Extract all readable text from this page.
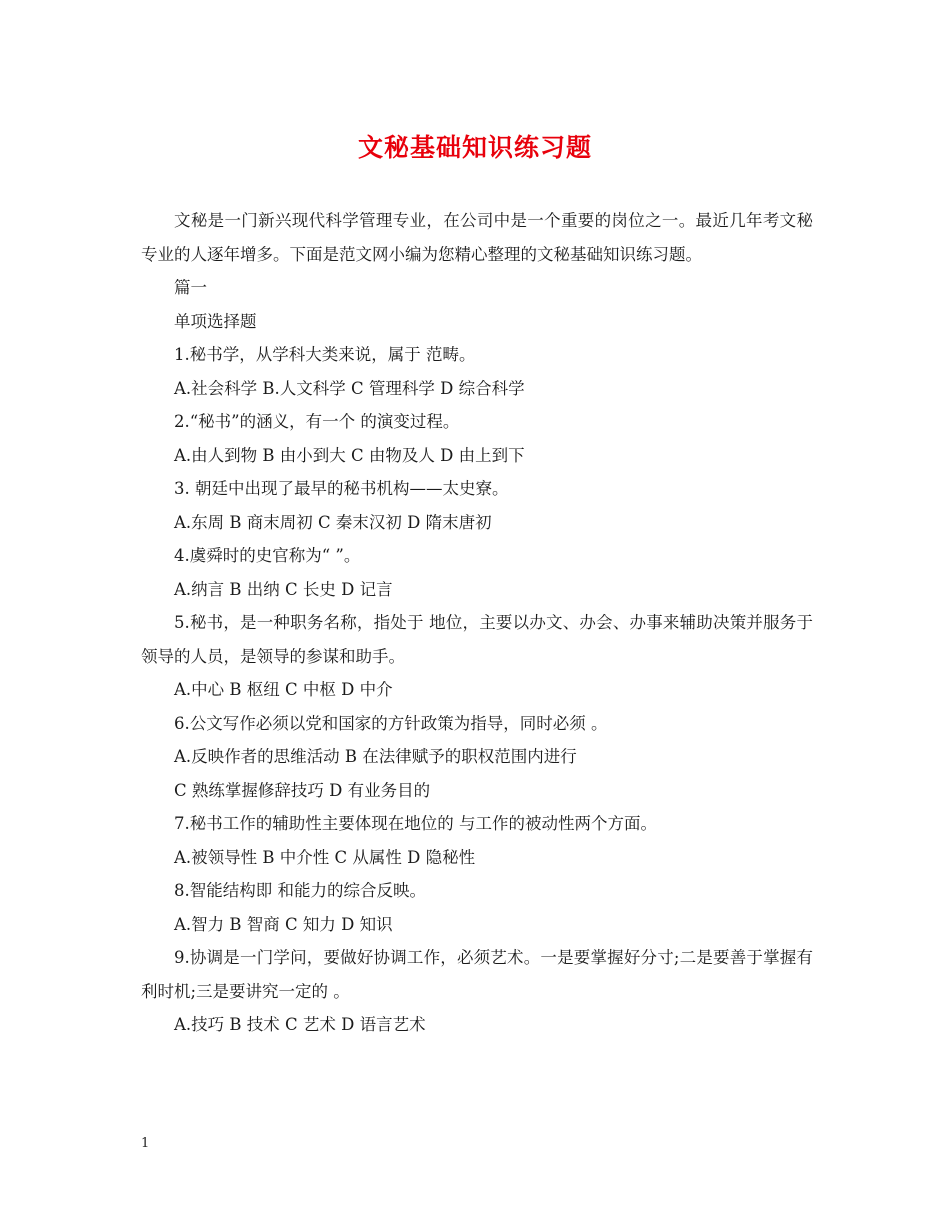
文秘基础知识练习题

文秘是一门新兴现代科学管理专业，在公司中是一个重要的岗位之一。最近几年考文秘专业的人逐年增多。下面是范文网小编为您精心整理的文秘基础知识练习题。

篇一

单项选择题

1.秘书学，从学科大类来说，属于 范畴。

A.社会科学 B.人文科学 C 管理科学 D 综合科学

2.“秘书”的涵义，有一个 的演变过程。

A.由人到物 B 由小到大 C 由物及人 D 由上到下

3. 朝廷中出现了最早的秘书机构——太史寮。

A.东周 B 商末周初 C 秦末汉初 D 隋末唐初

4.虞舜时的史官称为“ ”。

A.纳言 B 出纳 C 长史 D 记言

5.秘书，是一种职务名称，指处于 地位，主要以办文、办会、办事来辅助决策并服务于领导的人员，是领导的参谋和助手。

A.中心 B 枢纽 C 中枢 D 中介

6.公文写作必须以党和国家的方针政策为指导，同时必须 。

A.反映作者的思维活动 B 在法律赋予的职权范围内进行

C 熟练掌握修辞技巧 D 有业务目的

7.秘书工作的辅助性主要体现在地位的 与工作的被动性两个方面。

A.被领导性 B 中介性 C 从属性 D 隐秘性

8.智能结构即 和能力的综合反映。

A.智力 B 智商 C 知力 D 知识

9.协调是一门学问，要做好协调工作，必须艺术。一是要掌握好分寸;二是要善于掌握有利时机;三是要讲究一定的 。

A.技巧 B 技术 C 艺术 D 语言艺术

1
